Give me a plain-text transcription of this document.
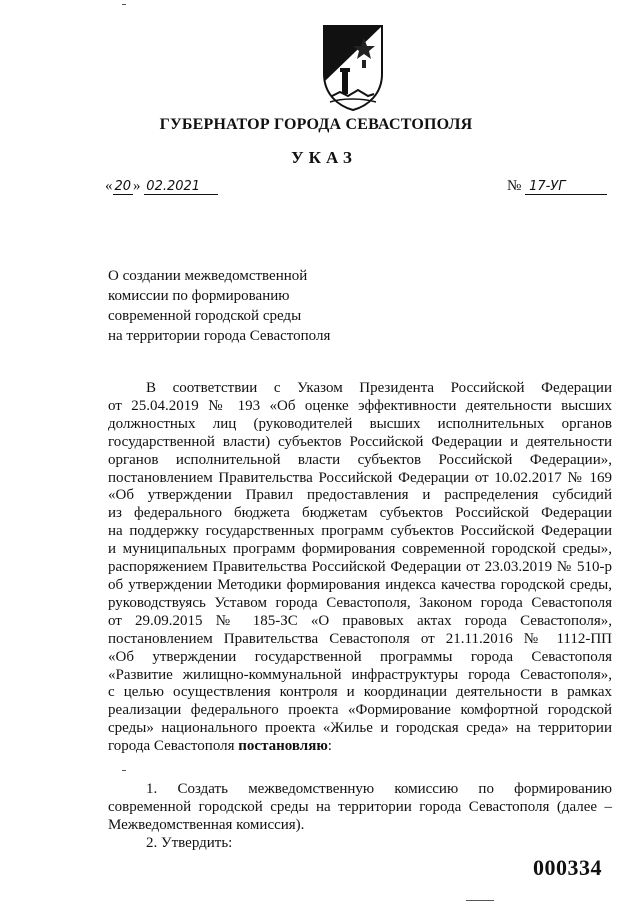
ГУБЕРНАТОР ГОРОДА СЕВАСТОПОЛЯ
УКАЗ
« 20 » 02.2021	№ 17-УГ
О создании межведомственной
комиссии по формированию
современной городской среды
на территории города Севастополя
В соответствии с Указом Президента Российской Федерации
от 25.04.2019 № 193 «Об оценке эффективности деятельности высших
должностных лиц (руководителей высших исполнительных органов
государственной власти) субъектов Российской Федерации и деятельности
органов исполнительной власти субъектов Российской Федерации»,
постановлением Правительства Российской Федерации от 10.02.2017 № 169
«Об утверждении Правил предоставления и распределения субсидий
из федерального бюджета бюджетам субъектов Российской Федерации
на поддержку государственных программ субъектов Российской Федерации
и муниципальных программ формирования современной городской среды»,
распоряжением Правительства Российской Федерации от 23.03.2019 № 510-р
об утверждении Методики формирования индекса качества городской среды,
руководствуясь Уставом города Севастополя, Законом города Севастополя
от 29.09.2015 № 185-ЗС «О правовых актах города Севастополя»,
постановлением Правительства Севастополя от 21.11.2016 № 1112-ПП
«Об утверждении государственной программы города Севастополя
«Развитие жилищно-коммунальной инфраструктуры города Севастополя»,
с целью осуществления контроля и координации деятельности в рамках
реализации федерального проекта «Формирование комфортной городской
среды» национального проекта «Жилье и городская среда» на территории
города Севастополя постановляю:
1. Создать межведомственную комиссию по формированию
современной городской среды на территории города Севастополя (далее –
Межведомственная комиссия).
2. Утвердить:
000334
